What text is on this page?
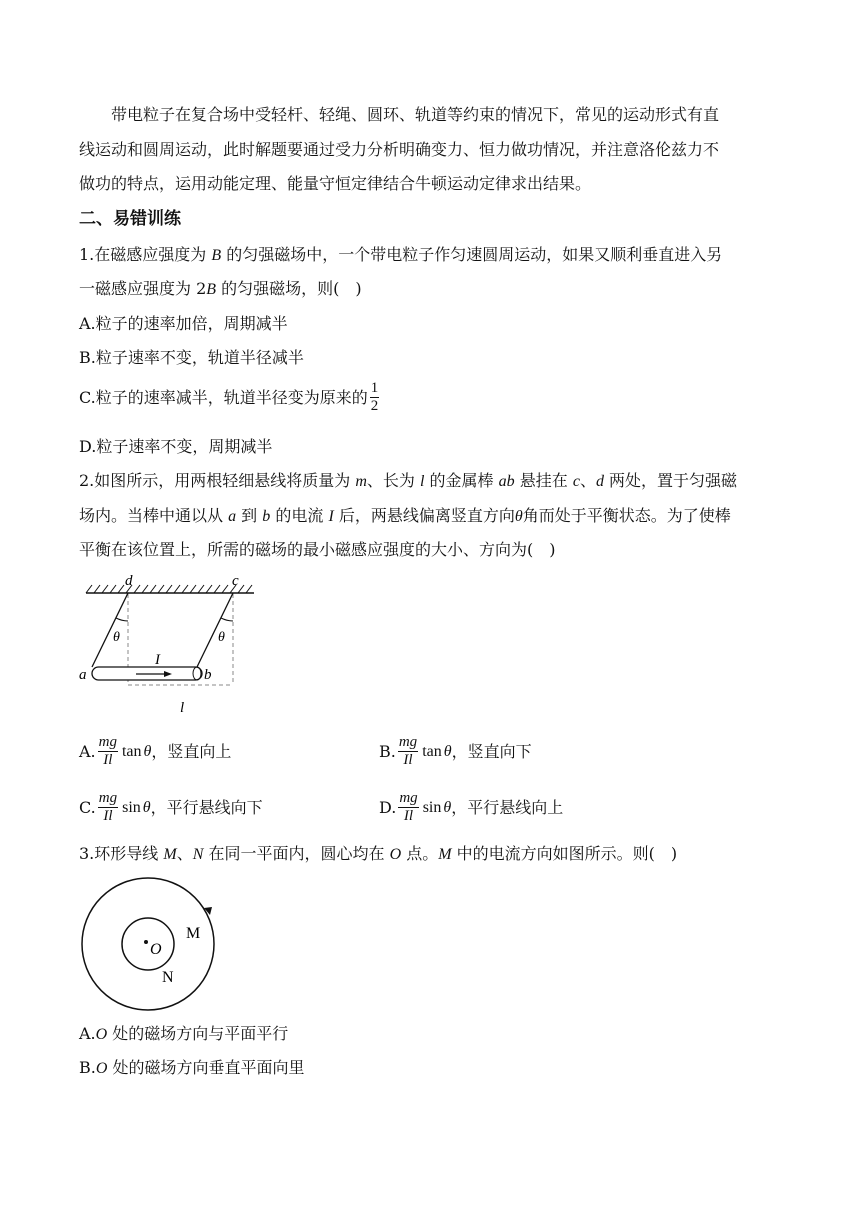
带电粒子在复合场中受轻杆、轻绳、圆环、轨道等约束的情况下，常见的运动形式有直
线运动和圆周运动，此时解题要通过受力分析明确变力、恒力做功情况，并注意洛伦兹力不
做功的特点，运用动能定理、能量守恒定律结合牛顿运动定律求出结果。
二、易错训练
1.在磁感应强度为 B 的匀强磁场中，一个带电粒子作匀速圆周运动，如果又顺利垂直进入另
一磁感应强度为 2B 的匀强磁场，则(　)
A.粒子的速率加倍，周期减半
B.粒子速率不变，轨道半径减半
C.粒子的速率减半，轨道半径变为原来的 $\frac{1}{2}$
D.粒子速率不变，周期减半
2.如图所示，用两根轻细悬线将质量为 m、长为 l 的金属棒 ab 悬挂在 c、d 两处，置于匀强磁
场内。当棒中通以从 a 到 b 的电流 I 后，两悬线偏离竖直方向θ角而处于平衡状态。为了使棒
平衡在该位置上，所需的磁场的最小磁感应强度的大小、方向为(　)
d	c
θ	θ
a	b
I
l
A. $\frac{mg}{Il}$ tan θ ，竖直向上	B. $\frac{mg}{Il}$ tan θ ，竖直向下
C. $\frac{mg}{Il}$ sin θ ，平行悬线向下	D. $\frac{mg}{Il}$ sin θ ，平行悬线向上
3.环形导线 M、N 在同一平面内，圆心均在 O 点。M 中的电流方向如图所示。则(　)
O
M
N
A.O 处的磁场方向与平面平行
B.O 处的磁场方向垂直平面向里
